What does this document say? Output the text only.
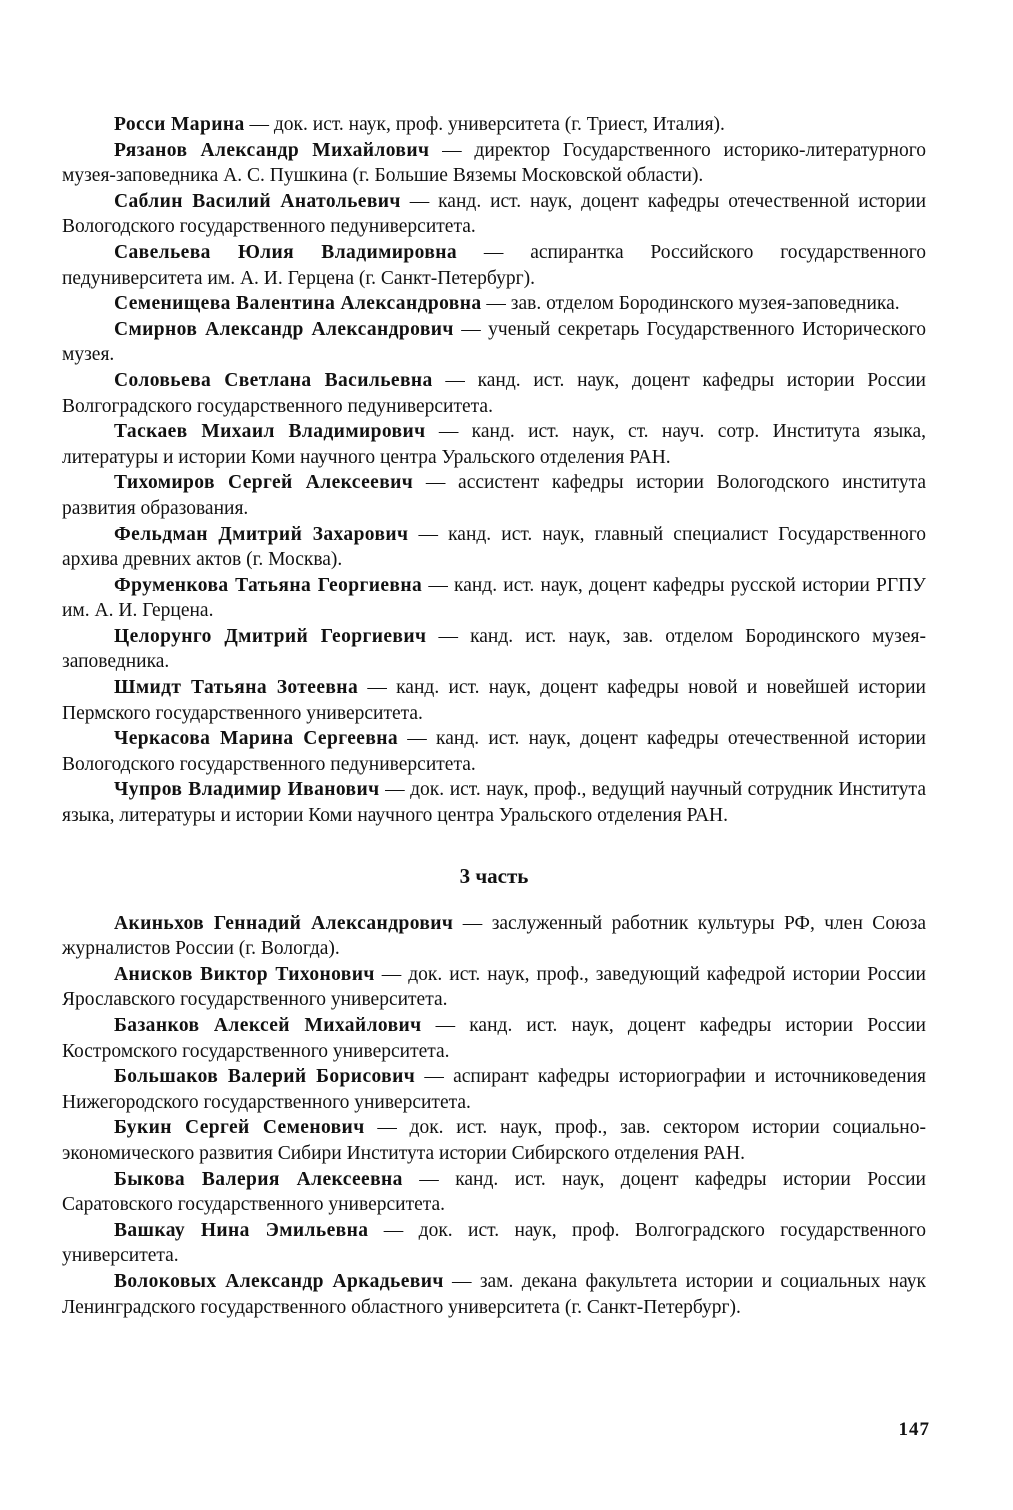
Росси Марина — док. ист. наук, проф. университета (г. Триест, Италия).

Рязанов Александр Михайлович — директор Государственного историко-литературного музея-заповедника А. С. Пушкина (г. Большие Вяземы Московской области).

Саблин Василий Анатольевич — канд. ист. наук, доцент кафедры отечественной истории Вологодского государственного педуниверситета.

Савельева Юлия Владимировна — аспирантка Российского государственного педуниверситета им. А. И. Герцена (г. Санкт-Петербург).

Семенищева Валентина Александровна — зав. отделом Бородинского музея-заповедника.

Смирнов Александр Александрович — ученый секретарь Государственного Исторического музея.

Соловьева Светлана Васильевна — канд. ист. наук, доцент кафедры истории России Волгоградского государственного педуниверситета.

Таскаев Михаил Владимирович — канд. ист. наук, ст. науч. сотр. Института языка, литературы и истории Коми научного центра Уральского отделения РАН.

Тихомиров Сергей Алексеевич — ассистент кафедры истории Вологодского института развития образования.

Фельдман Дмитрий Захарович — канд. ист. наук, главный специалист Государственного архива древних актов (г. Москва).

Фруменкова Татьяна Георгиевна — канд. ист. наук, доцент кафедры русской истории РГПУ им. А. И. Герцена.

Целорунго Дмитрий Георгиевич — канд. ист. наук, зав. отделом Бородинского музея-заповедника.

Шмидт Татьяна Зотеевна — канд. ист. наук, доцент кафедры новой и новейшей истории Пермского государственного университета.

Черкасова Марина Сергеевна — канд. ист. наук, доцент кафедры отечественной истории Вологодского государственного педуниверситета.

Чупров Владимир Иванович — док. ист. наук, проф., ведущий научный сотрудник Института языка, литературы и истории Коми научного центра Уральского отделения РАН.

3 часть

Акиньхов Геннадий Александрович — заслуженный работник культуры РФ, член Союза журналистов России (г. Вологда).

Анисков Виктор Тихонович — док. ист. наук, проф., заведующий кафедрой истории России Ярославского государственного университета.

Базанков Алексей Михайлович — канд. ист. наук, доцент кафедры истории России Костромского государственного университета.

Большаков Валерий Борисович — аспирант кафедры историографии и источниковедения Нижегородского государственного университета.

Букин Сергей Семенович — док. ист. наук, проф., зав. сектором истории социально-экономического развития Сибири Института истории Сибирского отделения РАН.

Быкова Валерия Алексеевна — канд. ист. наук, доцент кафедры истории России Саратовского государственного университета.

Вашкау Нина Эмильевна — док. ист. наук, проф. Волгоградского государственного университета.

Волоковых Александр Аркадьевич — зам. декана факультета истории и социальных наук Ленинградского государственного областного университета (г. Санкт-Петербург).

147
